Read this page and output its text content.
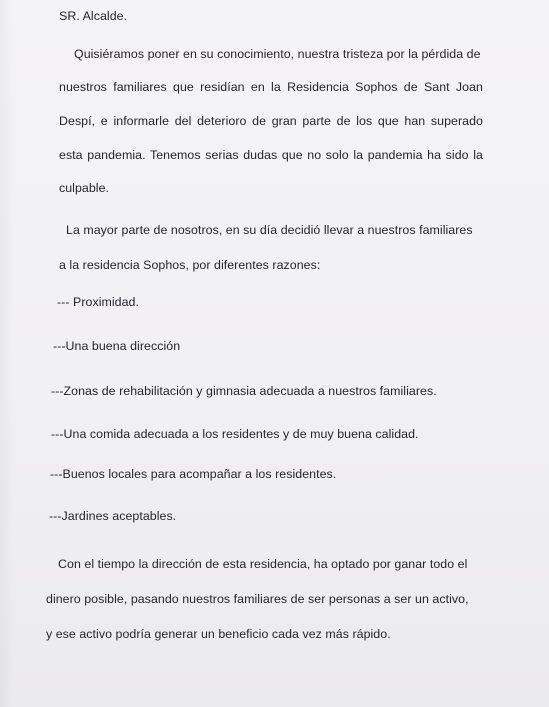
SR. Alcalde.
Quisiéramos poner en su conocimiento, nuestra tristeza por la pérdida de
nuestros familiares que residían en la Residencia Sophos de Sant Joan
Despí, e informarle del deterioro de gran parte de los que han superado
esta pandemia. Tenemos serias dudas que no solo la pandemia ha sido la
culpable.
La mayor parte de nosotros, en su día decidió llevar a nuestros familiares
a la residencia Sophos, por diferentes razones:
--- Proximidad.
---Una buena dirección
---Zonas de rehabilitación y gimnasia adecuada a nuestros familiares.
---Una comida adecuada a los residentes y de muy buena calidad.
---Buenos locales para acompañar a los residentes.
---Jardines aceptables.
Con el tiempo la dirección de esta residencia, ha optado por ganar todo el
dinero posible, pasando nuestros familiares de ser personas a ser un activo,
y ese activo podría generar un beneficio cada vez más rápido.
